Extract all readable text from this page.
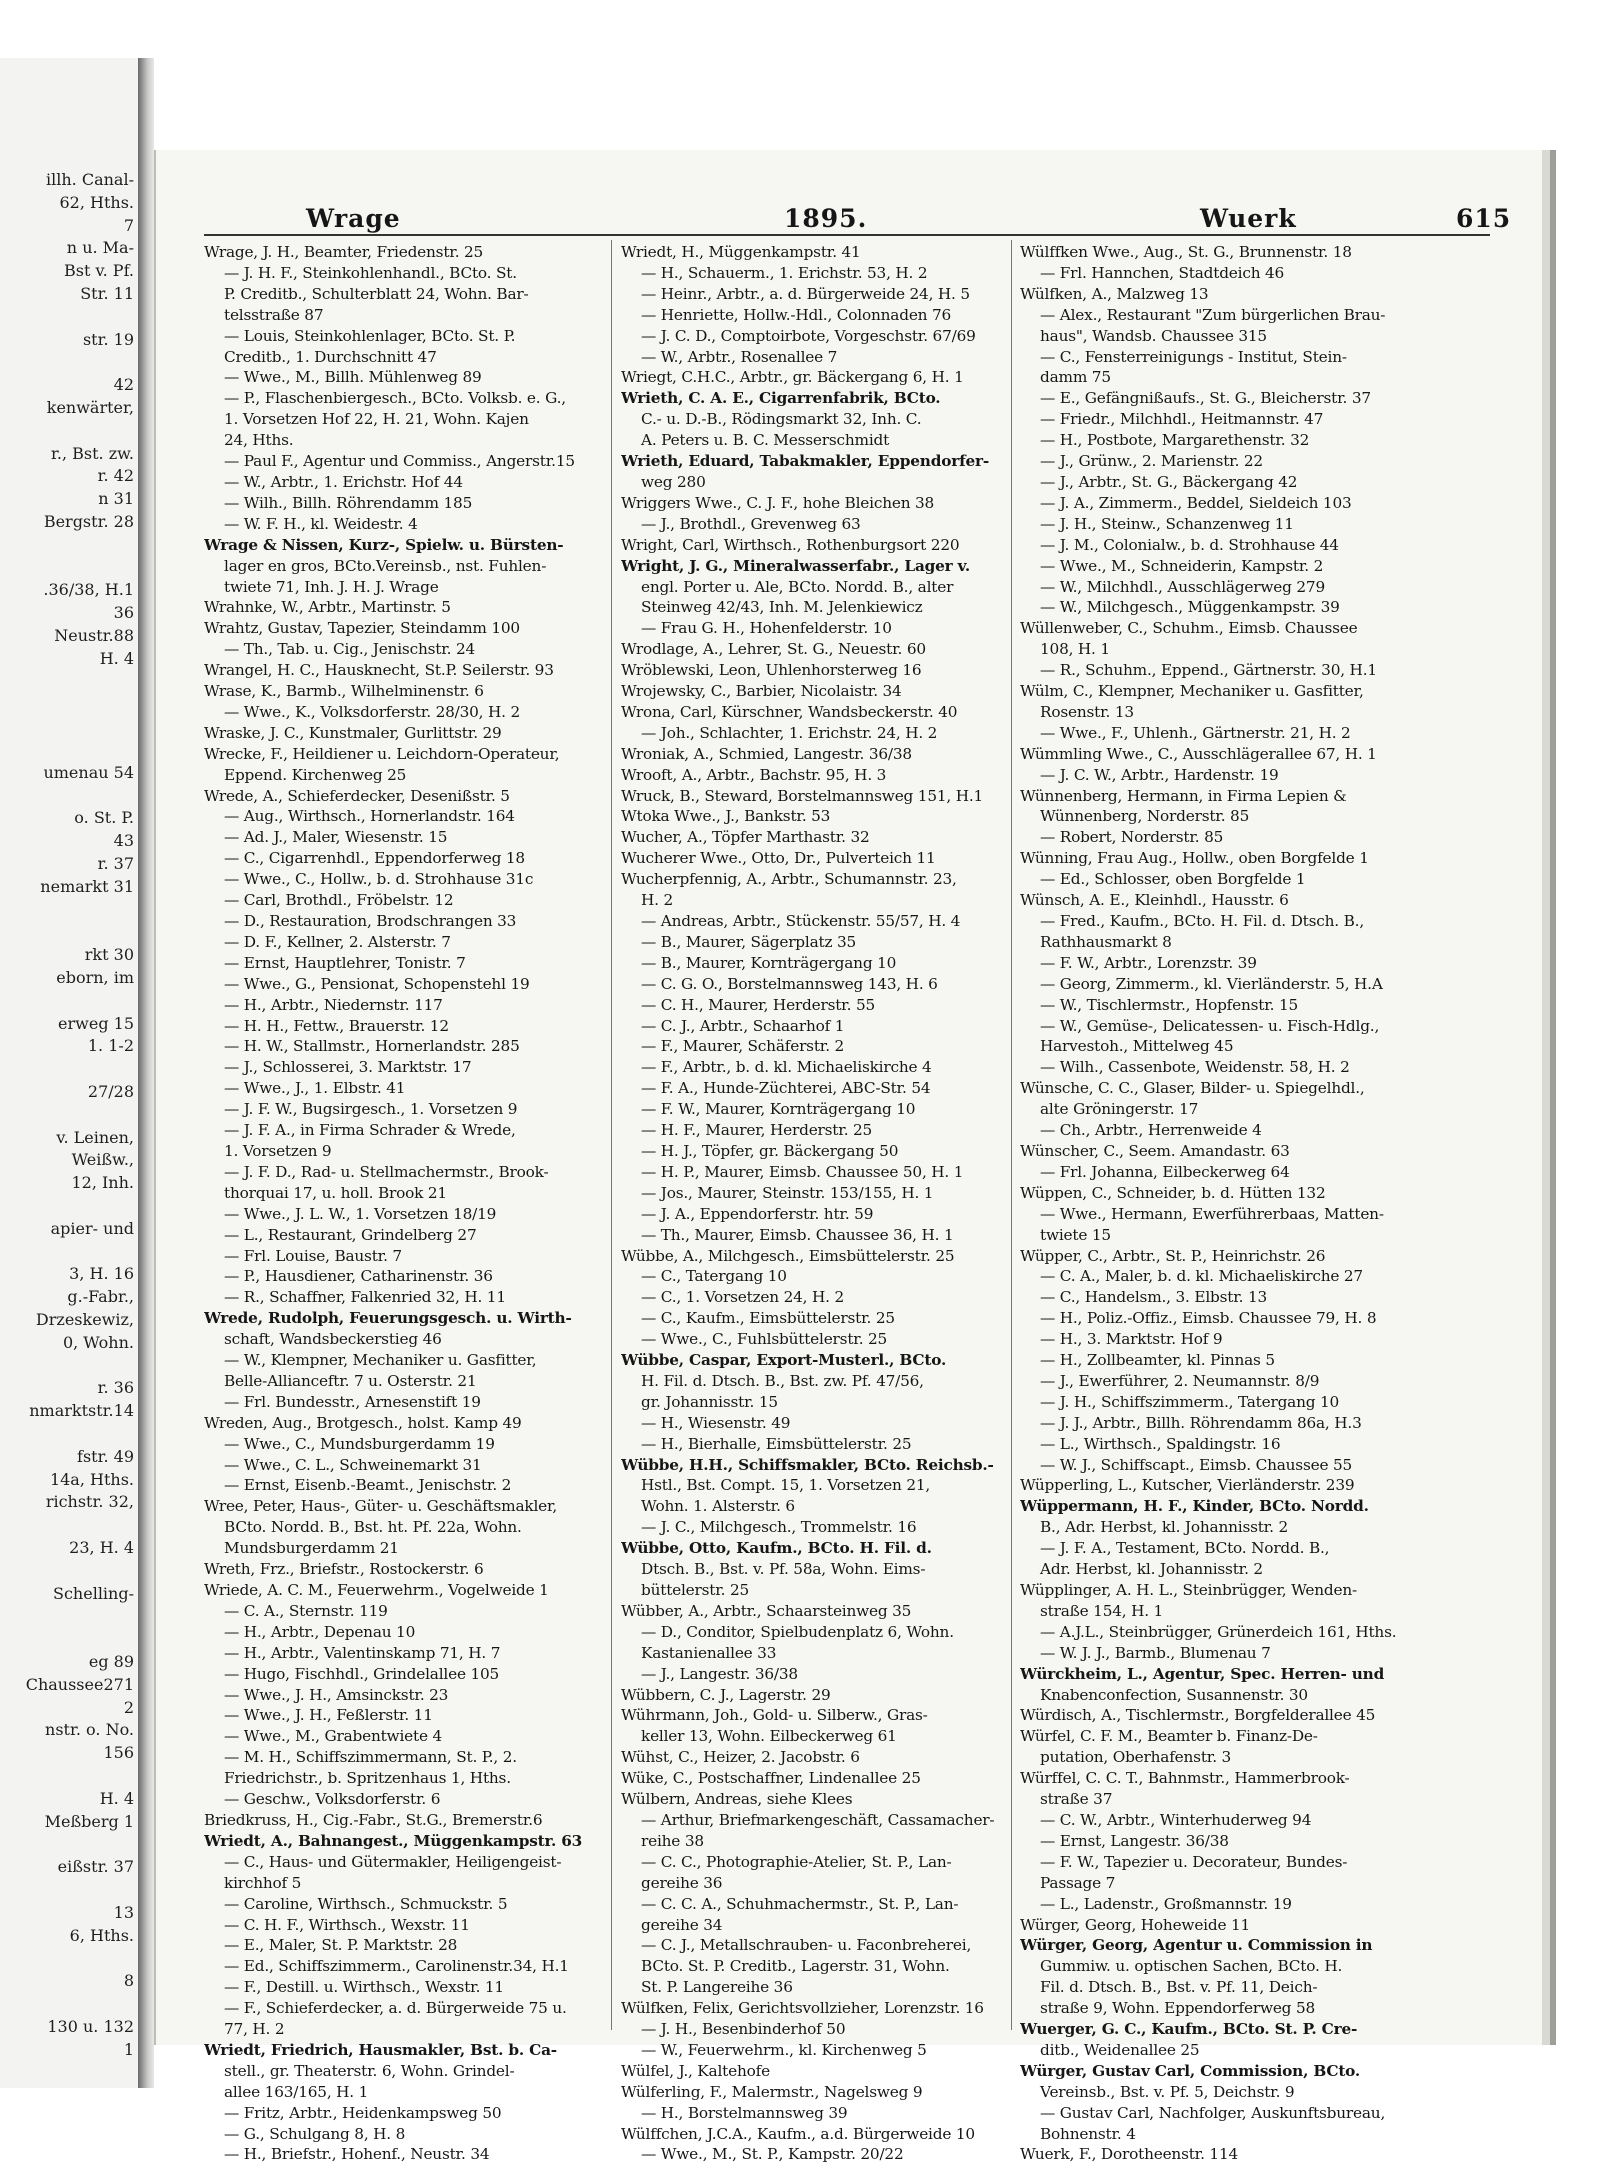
illh. Canal-
62, Hths.
7
n u. Ma-
Bst v. Pf.
Str. 11
str. 19
42
kenwärter,
r., Bst. zw.
r. 42
n 31
Bergstr. 28
.36/38, H.1
36
Neustr.88
H. 4
umenau 54
o. St. P.
43
r. 37
nemarkt 31
rkt 30
eborn, im
erweg 15
1. 1-2
27/28
v. Leinen,
Weißw.,
12, Inh.
apier- und
3, H. 16
g.-Fabr.,
Drzeskewiz,
0, Wohn.
r. 36
nmarktstr.14
fstr. 49
14a, Hths.
richstr. 32,
23, H. 4
Schelling-
eg 89
Chaussee271
2
nstr. o. No.
156
H. 4
Meßberg 1
eißstr. 37
13
6, Hths.
8
130 u. 132
1
Wrage	1895.	Wuerk	615
Wrage, J. H., Beamter, Friedenstr. 25
— J. H. F., Steinkohlenhandl., BCto. St.
P. Creditb., Schulterblatt 24, Wohn. Bar-
telsstraße 87
— Louis, Steinkohlenlager, BCto. St. P.
Creditb., 1. Durchschnitt 47
— Wwe., M., Billh. Mühlenweg 89
— P., Flaschenbiergesch., BCto. Volksb. e. G.,
1. Vorsetzen Hof 22, H. 21, Wohn. Kajen
24, Hths.
— Paul F., Agentur und Commiss., Angerstr.15
— W., Arbtr., 1. Erichstr. Hof 44
— Wilh., Billh. Röhrendamm 185
— W. F. H., kl. Weidestr. 4
Wrage & Nissen, Kurz-, Spielw. u. Bürsten-
lager en gros, BCto.Vereinsb., nst. Fuhlen-
twiete 71, Inh. J. H. J. Wrage
Wrahnke, W., Arbtr., Martinstr. 5
Wrahtz, Gustav, Tapezier, Steindamm 100
— Th., Tab. u. Cig., Jenischstr. 24
Wrangel, H. C., Hausknecht, St.P. Seilerstr. 93
Wrase, K., Barmb., Wilhelminenstr. 6
— Wwe., K., Volksdorferstr. 28/30, H. 2
Wraske, J. C., Kunstmaler, Gurlittstr. 29
Wrecke, F., Heildiener u. Leichdorn-Operateur,
Eppend. Kirchenweg 25
Wrede, A., Schieferdecker, Desenißstr. 5
— Aug., Wirthsch., Hornerlandstr. 164
— Ad. J., Maler, Wiesenstr. 15
— C., Cigarrenhdl., Eppendorferweg 18
— Wwe., C., Hollw., b. d. Strohhause 31c
— Carl, Brothdl., Fröbelstr. 12
— D., Restauration, Brodschrangen 33
— D. F., Kellner, 2. Alsterstr. 7
— Ernst, Hauptlehrer, Tonistr. 7
— Wwe., G., Pensionat, Schopenstehl 19
— H., Arbtr., Niedernstr. 117
— H. H., Fettw., Brauerstr. 12
— H. W., Stallmstr., Hornerlandstr. 285
— J., Schlosserei, 3. Marktstr. 17
— Wwe., J., 1. Elbstr. 41
— J. F. W., Bugsirgesch., 1. Vorsetzen 9
— J. F. A., in Firma Schrader & Wrede,
1. Vorsetzen 9
— J. F. D., Rad- u. Stellmachermstr., Brook-
thorquai 17, u. holl. Brook 21
— Wwe., J. L. W., 1. Vorsetzen 18/19
— L., Restaurant, Grindelberg 27
— Frl. Louise, Baustr. 7
— P., Hausdiener, Catharinenstr. 36
— R., Schaffner, Falkenried 32, H. 11
Wrede, Rudolph, Feuerungsgesch. u. Wirth-
schaft, Wandsbeckerstieg 46
— W., Klempner, Mechaniker u. Gasfitter,
Belle-Allianceftr. 7 u. Osterstr. 21
— Frl. Bundesstr., Arnesenstift 19
Wreden, Aug., Brotgesch., holst. Kamp 49
— Wwe., C., Mundsburgerdamm 19
— Wwe., C. L., Schweinemarkt 31
— Ernst, Eisenb.-Beamt., Jenischstr. 2
Wree, Peter, Haus-, Güter- u. Geschäftsmakler,
BCto. Nordd. B., Bst. ht. Pf. 22a, Wohn.
Mundsburgerdamm 21
Wreth, Frz., Briefstr., Rostockerstr. 6
Wriede, A. C. M., Feuerwehrm., Vogelweide 1
— C. A., Sternstr. 119
— H., Arbtr., Depenau 10
— H., Arbtr., Valentinskamp 71, H. 7
— Hugo, Fischhdl., Grindelallee 105
— Wwe., J. H., Amsinckstr. 23
— Wwe., J. H., Feßlerstr. 11
— Wwe., M., Grabentwiete 4
— M. H., Schiffszimmermann, St. P., 2.
Friedrichstr., b. Spritzenhaus 1, Hths.
— Geschw., Volksdorferstr. 6
Briedkruss, H., Cig.-Fabr., St.G., Bremerstr.6
Wriedt, A., Bahnangest., Müggenkampstr. 63
— C., Haus- und Gütermakler, Heiligengeist-
kirchhof 5
— Caroline, Wirthsch., Schmuckstr. 5
— C. H. F., Wirthsch., Wexstr. 11
— E., Maler, St. P. Marktstr. 28
— Ed., Schiffszimmerm., Carolinenstr.34, H.1
— F., Destill. u. Wirthsch., Wexstr. 11
— F., Schieferdecker, a. d. Bürgerweide 75 u.
77, H. 2
Wriedt, Friedrich, Hausmakler, Bst. b. Ca-
stell., gr. Theaterstr. 6, Wohn. Grindel-
allee 163/165, H. 1
— Fritz, Arbtr., Heidenkampsweg 50
— G., Schulgang 8, H. 8
— H., Briefstr., Hohenf., Neustr. 34
Wriedt, H., Müggenkampstr. 41
— H., Schauerm., 1. Erichstr. 53, H. 2
— Heinr., Arbtr., a. d. Bürgerweide 24, H. 5
— Henriette, Hollw.-Hdl., Colonnaden 76
— J. C. D., Comptoirbote, Vorgeschstr. 67/69
— W., Arbtr., Rosenallee 7
Wriegt, C.H.C., Arbtr., gr. Bäckergang 6, H. 1
Wrieth, C. A. E., Cigarrenfabrik, BCto.
C.- u. D.-B., Rödingsmarkt 32, Inh. C.
A. Peters u. B. C. Messerschmidt
Wrieth, Eduard, Tabakmakler, Eppendorfer-
weg 280
Wriggers Wwe., C. J. F., hohe Bleichen 38
— J., Brothdl., Grevenweg 63
Wright, Carl, Wirthsch., Rothenburgsort 220
Wright, J. G., Mineralwasserfabr., Lager v.
engl. Porter u. Ale, BCto. Nordd. B., alter
Steinweg 42/43, Inh. M. Jelenkiewicz
— Frau G. H., Hohenfelderstr. 10
Wrodlage, A., Lehrer, St. G., Neuestr. 60
Wröblewski, Leon, Uhlenhorsterweg 16
Wrojewsky, C., Barbier, Nicolaistr. 34
Wrona, Carl, Kürschner, Wandsbeckerstr. 40
— Joh., Schlachter, 1. Erichstr. 24, H. 2
Wroniak, A., Schmied, Langestr. 36/38
Wrooft, A., Arbtr., Bachstr. 95, H. 3
Wruck, B., Steward, Borstelmannsweg 151, H.1
Wtoka Wwe., J., Bankstr. 53
Wucher, A., Töpfer Marthastr. 32
Wucherer Wwe., Otto, Dr., Pulverteich 11
Wucherpfennig, A., Arbtr., Schumannstr. 23,
H. 2
— Andreas, Arbtr., Stückenstr. 55/57, H. 4
— B., Maurer, Sägerplatz 35
— B., Maurer, Kornträgergang 10
— C. G. O., Borstelmannsweg 143, H. 6
— C. H., Maurer, Herderstr. 55
— C. J., Arbtr., Schaarhof 1
— F., Maurer, Schäferstr. 2
— F., Arbtr., b. d. kl. Michaeliskirche 4
— F. A., Hunde-Züchterei, ABC-Str. 54
— F. W., Maurer, Kornträgergang 10
— H. F., Maurer, Herderstr. 25
— H. J., Töpfer, gr. Bäckergang 50
— H. P., Maurer, Eimsb. Chaussee 50, H. 1
— Jos., Maurer, Steinstr. 153/155, H. 1
— J. A., Eppendorferstr. htr. 59
— Th., Maurer, Eimsb. Chaussee 36, H. 1
Wübbe, A., Milchgesch., Eimsbüttelerstr. 25
— C., Tatergang 10
— C., 1. Vorsetzen 24, H. 2
— C., Kaufm., Eimsbüttelerstr. 25
— Wwe., C., Fuhlsbüttelerstr. 25
Wübbe, Caspar, Export-Musterl., BCto.
H. Fil. d. Dtsch. B., Bst. zw. Pf. 47/56,
gr. Johannisstr. 15
— H., Wiesenstr. 49
— H., Bierhalle, Eimsbüttelerstr. 25
Wübbe, H.H., Schiffsmakler, BCto. Reichsb.-
Hstl., Bst. Compt. 15, 1. Vorsetzen 21,
Wohn. 1. Alsterstr. 6
— J. C., Milchgesch., Trommelstr. 16
Wübbe, Otto, Kaufm., BCto. H. Fil. d.
Dtsch. B., Bst. v. Pf. 58a, Wohn. Eims-
büttelerstr. 25
Wübber, A., Arbtr., Schaarsteinweg 35
— D., Conditor, Spielbudenplatz 6, Wohn.
Kastanienallee 33
— J., Langestr. 36/38
Wübbern, C. J., Lagerstr. 29
Wührmann, Joh., Gold- u. Silberw., Gras-
keller 13, Wohn. Eilbeckerweg 61
Wühst, C., Heizer, 2. Jacobstr. 6
Wüke, C., Postschaffner, Lindenallee 25
Wülbern, Andreas, siehe Klees
— Arthur, Briefmarkengeschäft, Cassamacher-
reihe 38
— C. C., Photographie-Atelier, St. P., Lan-
gereihe 36
— C. C. A., Schuhmachermstr., St. P., Lan-
gereihe 34
— C. J., Metallschrauben- u. Faconbreherei,
BCto. St. P. Creditb., Lagerstr. 31, Wohn.
St. P. Langereihe 36
Wülfken, Felix, Gerichtsvollzieher, Lorenzstr. 16
— J. H., Besenbinderhof 50
— W., Feuerwehrm., kl. Kirchenweg 5
Wülfel, J., Kaltehofe
Wülferling, F., Malermstr., Nagelsweg 9
— H., Borstelmannsweg 39
Wülffchen, J.C.A., Kaufm., a.d. Bürgerweide 10
— Wwe., M., St. P., Kampstr. 20/22
Wülffken Wwe., Aug., St. G., Brunnenstr. 18
— Frl. Hannchen, Stadtdeich 46
Wülfken, A., Malzweg 13
— Alex., Restaurant "Zum bürgerlichen Brau-
haus", Wandsb. Chaussee 315
— C., Fensterreinigungs - Institut, Stein-
damm 75
— E., Gefängnißaufs., St. G., Bleicherstr. 37
— Friedr., Milchhdl., Heitmannstr. 47
— H., Postbote, Margarethenstr. 32
— J., Grünw., 2. Marienstr. 22
— J., Arbtr., St. G., Bäckergang 42
— J. A., Zimmerm., Beddel, Sieldeich 103
— J. H., Steinw., Schanzenweg 11
— J. M., Colonialw., b. d. Strohhause 44
— Wwe., M., Schneiderin, Kampstr. 2
— W., Milchhdl., Ausschlägerweg 279
— W., Milchgesch., Müggenkampstr. 39
Wüllenweber, C., Schuhm., Eimsb. Chaussee
108, H. 1
— R., Schuhm., Eppend., Gärtnerstr. 30, H.1
Wülm, C., Klempner, Mechaniker u. Gasfitter,
Rosenstr. 13
— Wwe., F., Uhlenh., Gärtnerstr. 21, H. 2
Wümmling Wwe., C., Ausschlägerallee 67, H. 1
— J. C. W., Arbtr., Hardenstr. 19
Wünnenberg, Hermann, in Firma Lepien &
Wünnenberg, Norderstr. 85
— Robert, Norderstr. 85
Wünning, Frau Aug., Hollw., oben Borgfelde 1
— Ed., Schlosser, oben Borgfelde 1
Wünsch, A. E., Kleinhdl., Hausstr. 6
— Fred., Kaufm., BCto. H. Fil. d. Dtsch. B.,
Rathhausmarkt 8
— F. W., Arbtr., Lorenzstr. 39
— Georg, Zimmerm., kl. Vierländerstr. 5, H.A
— W., Tischlermstr., Hopfenstr. 15
— W., Gemüse-, Delicatessen- u. Fisch-Hdlg.,
Harvestoh., Mittelweg 45
— Wilh., Cassenbote, Weidenstr. 58, H. 2
Wünsche, C. C., Glaser, Bilder- u. Spiegelhdl.,
alte Gröningerstr. 17
— Ch., Arbtr., Herrenweide 4
Wünscher, C., Seem. Amandastr. 63
— Frl. Johanna, Eilbeckerweg 64
Wüppen, C., Schneider, b. d. Hütten 132
— Wwe., Hermann, Ewerführerbaas, Matten-
twiete 15
Wüpper, C., Arbtr., St. P., Heinrichstr. 26
— C. A., Maler, b. d. kl. Michaeliskirche 27
— C., Handelsm., 3. Elbstr. 13
— H., Poliz.-Offiz., Eimsb. Chaussee 79, H. 8
— H., 3. Marktstr. Hof 9
— H., Zollbeamter, kl. Pinnas 5
— J., Ewerführer, 2. Neumannstr. 8/9
— J. H., Schiffszimmerm., Tatergang 10
— J. J., Arbtr., Billh. Röhrendamm 86a, H.3
— L., Wirthsch., Spaldingstr. 16
— W. J., Schiffscapt., Eimsb. Chaussee 55
Wüpperling, L., Kutscher, Vierländerstr. 239
Wüppermann, H. F., Kinder, BCto. Nordd.
B., Adr. Herbst, kl. Johannisstr. 2
— J. F. A., Testament, BCto. Nordd. B.,
Adr. Herbst, kl. Johannisstr. 2
Wüpplinger, A. H. L., Steinbrügger, Wenden-
straße 154, H. 1
— A.J.L., Steinbrügger, Grünerdeich 161, Hths.
— W. J. J., Barmb., Blumenau 7
Würckheim, L., Agentur, Spec. Herren- und
Knabenconfection, Susannenstr. 30
Würdisch, A., Tischlermstr., Borgfelderallee 45
Würfel, C. F. M., Beamter b. Finanz-De-
putation, Oberhafenstr. 3
Würffel, C. C. T., Bahnmstr., Hammerbrook-
straße 37
— C. W., Arbtr., Winterhuderweg 94
— Ernst, Langestr. 36/38
— F. W., Tapezier u. Decorateur, Bundes-
Passage 7
— L., Ladenstr., Großmannstr. 19
Würger, Georg, Hoheweide 11
Würger, Georg, Agentur u. Commission in
Gummiw. u. optischen Sachen, BCto. H.
Fil. d. Dtsch. B., Bst. v. Pf. 11, Deich-
straße 9, Wohn. Eppendorferweg 58
Wuerger, G. C., Kaufm., BCto. St. P. Cre-
ditb., Weidenallee 25
Würger, Gustav Carl, Commission, BCto.
Vereinsb., Bst. v. Pf. 5, Deichstr. 9
— Gustav Carl, Nachfolger, Auskunftsbureau,
Bohnenstr. 4
Wuerk, F., Dorotheenstr. 114
